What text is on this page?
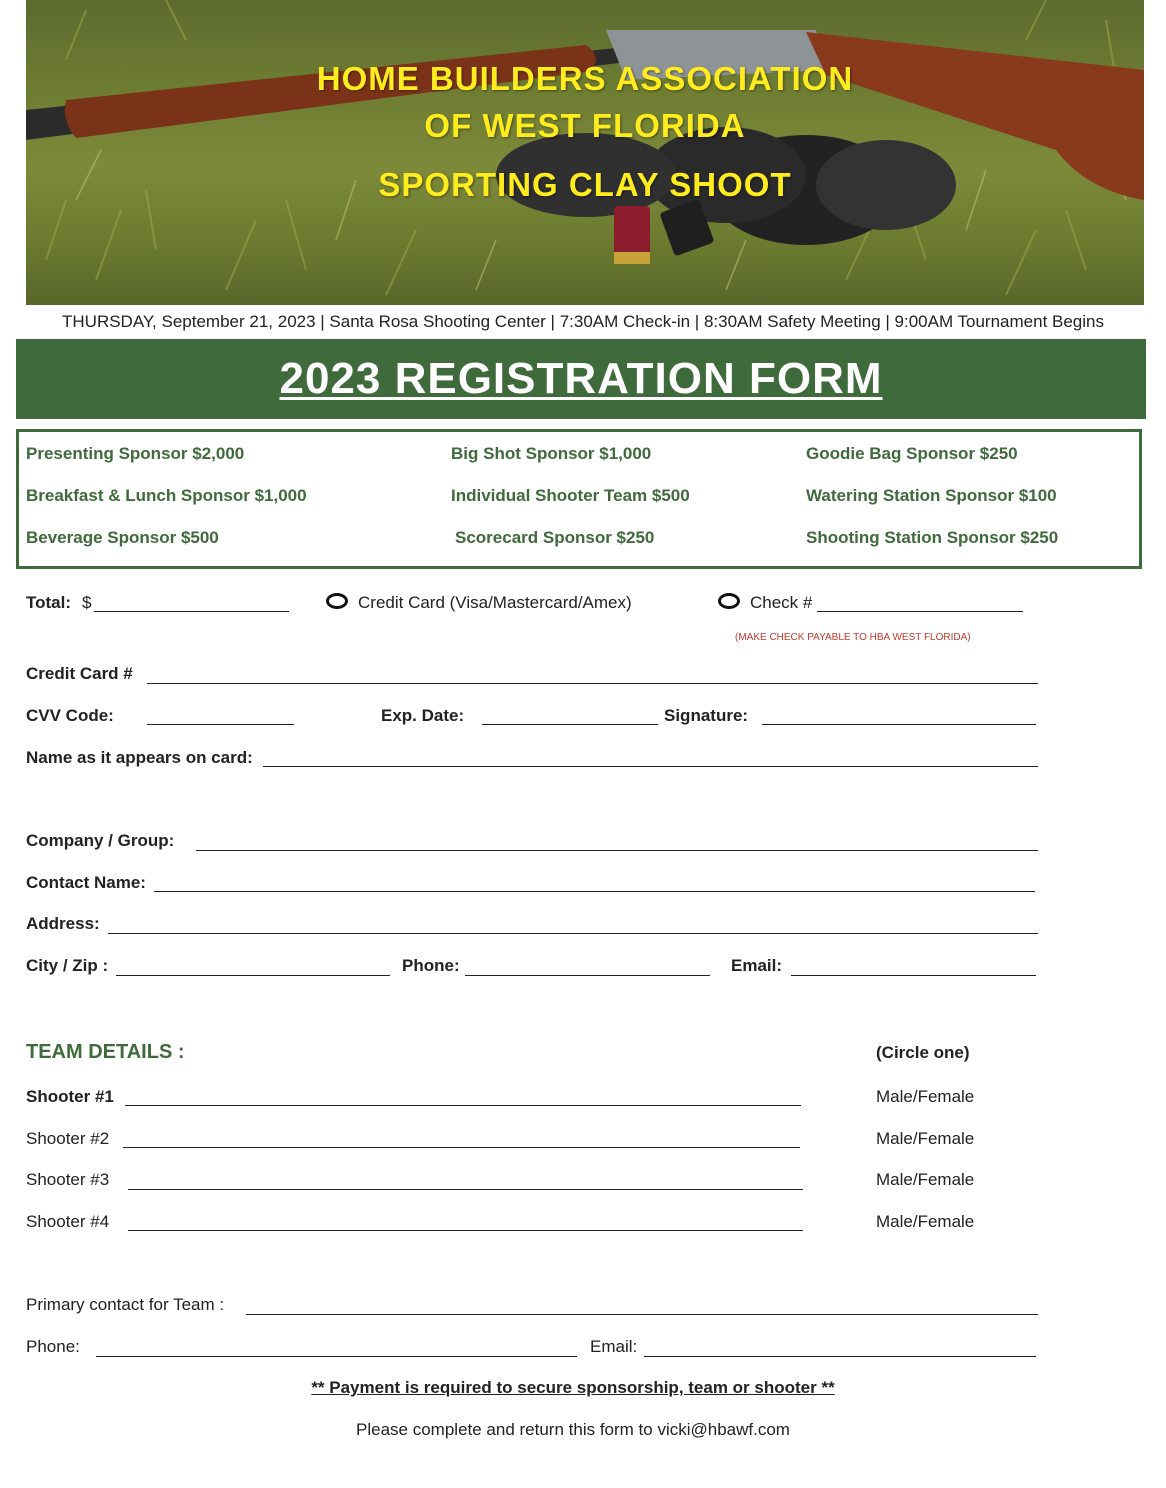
HOME BUILDERS ASSOCIATION
OF WEST FLORIDA
SPORTING CLAY SHOOT
THURSDAY, September 21, 2023 | Santa Rosa Shooting Center | 7:30AM Check-in | 8:30AM Safety Meeting | 9:00AM Tournament Begins
2023 REGISTRATION FORM
Presenting Sponsor $2,000	Big Shot Sponsor $1,000	Goodie Bag Sponsor $250
Breakfast & Lunch Sponsor $1,000	Individual Shooter Team $500	Watering Station Sponsor $100
Beverage Sponsor $500	Scorecard Sponsor $250	Shooting Station Sponsor $250
Total: $	Credit Card (Visa/Mastercard/Amex)	Check #
(MAKE CHECK PAYABLE TO HBA WEST FLORIDA)
Credit Card #
CVV Code:	Exp. Date:	Signature:
Name as it appears on card:
Company / Group:
Contact Name:
Address:
City / Zip :	Phone:	Email:
TEAM DETAILS :	(Circle one)
Shooter #1	Male/Female
Shooter #2	Male/Female
Shooter #3	Male/Female
Shooter #4	Male/Female
Primary contact for Team :
Phone:	Email:
** Payment is required to secure sponsorship, team or shooter **
Please complete and return this form to vicki@hbawf.com
